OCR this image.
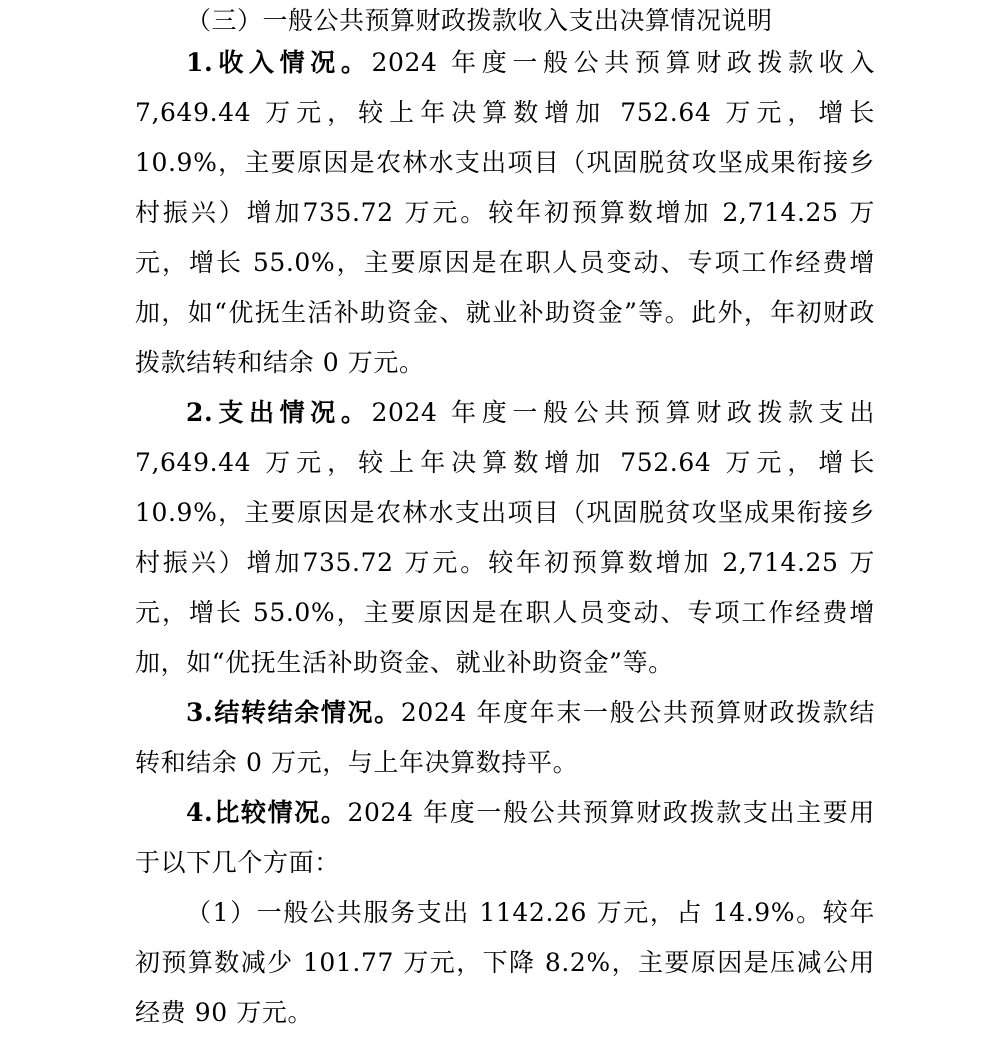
（三）一般公共预算财政拨款收入支出决算情况说明

1.收入情况。2024 年度一般公共预算财政拨款收入 7,649.44 万元，较上年决算数增加 752.64 万元，增长 10.9%，主要原因是农林水支出项目（巩固脱贫攻坚成果衔接乡村振兴）增加735.72 万元。较年初预算数增加 2,714.25 万元，增长 55.0%，主要原因是在职人员变动、专项工作经费增加，如“优抚生活补助资金、就业补助资金”等。此外，年初财政拨款结转和结余 0 万元。

2.支出情况。2024 年度一般公共预算财政拨款支出 7,649.44 万元，较上年决算数增加 752.64 万元，增长 10.9%，主要原因是农林水支出项目（巩固脱贫攻坚成果衔接乡村振兴）增加735.72 万元。较年初预算数增加 2,714.25 万元，增长 55.0%，主要原因是在职人员变动、专项工作经费增加，如“优抚生活补助资金、就业补助资金”等。

3.结转结余情况。2024 年度年末一般公共预算财政拨款结转和结余 0 万元，与上年决算数持平。

4.比较情况。2024 年度一般公共预算财政拨款支出主要用于以下几个方面：

（1）一般公共服务支出 1142.26 万元，占 14.9%。较年初预算数减少 101.77 万元，下降 8.2%，主要原因是压减公用经费 90 万元。
